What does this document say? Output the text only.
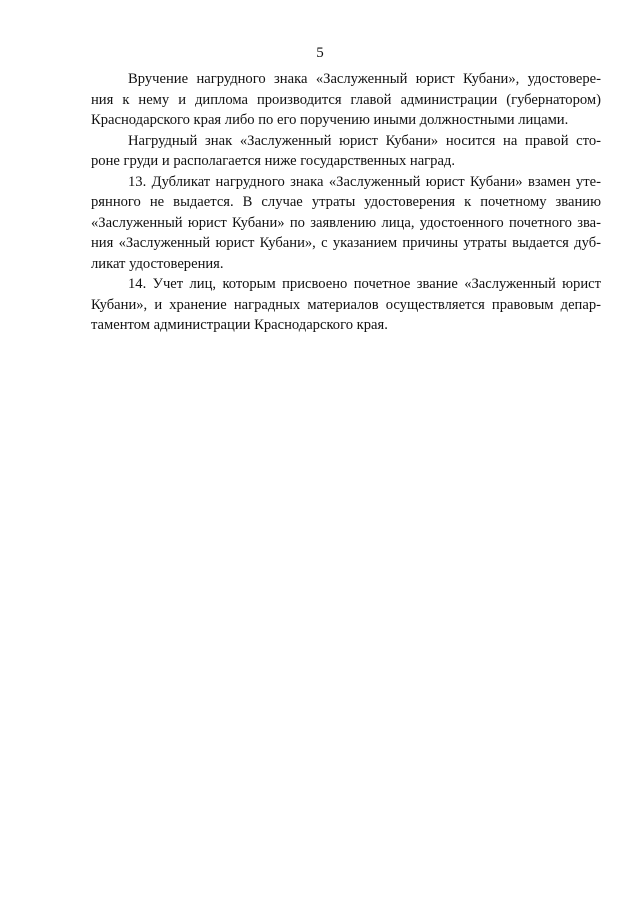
5

Вручение нагрудного знака «Заслуженный юрист Кубани», удостовере-
ния к нему и диплома производится главой администрации (губернатором)
Краснодарского края либо по его поручению иными должностными лицами.

Нагрудный знак «Заслуженный юрист Кубани» носится на правой сто-
роне груди и располагается ниже государственных наград.

13. Дубликат нагрудного знака «Заслуженный юрист Кубани» взамен уте-
рянного не выдается. В случае утраты удостоверения к почетному званию
«Заслуженный юрист Кубани» по заявлению лица, удостоенного почетного зва-
ния «Заслуженный юрист Кубани», с указанием причины утраты выдается дуб-
ликат удостоверения.

14. Учет лиц, которым присвоено почетное звание «Заслуженный юрист
Кубани», и хранение наградных материалов осуществляется правовым депар-
таментом администрации Краснодарского края.
